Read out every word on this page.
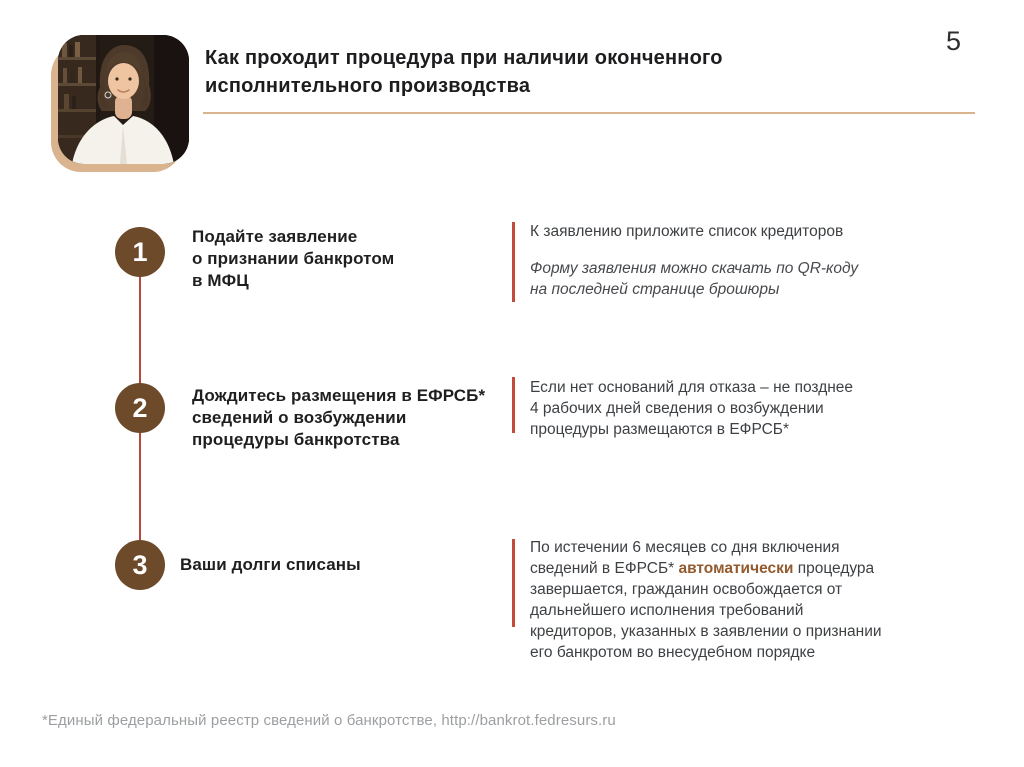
5
Как проходит процедура при наличии оконченного
исполнительного производства
1
2
3
Подайте заявление
о признании банкротом
в МФЦ
Дождитесь размещения в ЕФРСБ*
сведений о возбуждении
процедуры банкротства
Ваши долги списаны
К заявлению приложите список кредиторов
Форму заявления можно скачать по QR-коду
на последней странице брошюры
Если нет оснований для отказа – не позднее
4 рабочих дней сведения о возбуждении
процедуры размещаются в ЕФРСБ*
По истечении 6 месяцев со дня включения
сведений в ЕФРСБ* автоматически процедура
завершается, гражданин освобождается от
дальнейшего исполнения требований
кредиторов, указанных в заявлении о признании
его банкротом во внесудебном порядке
*Единый федеральный реестр сведений о банкротстве, http://bankrot.fedresurs.ru
